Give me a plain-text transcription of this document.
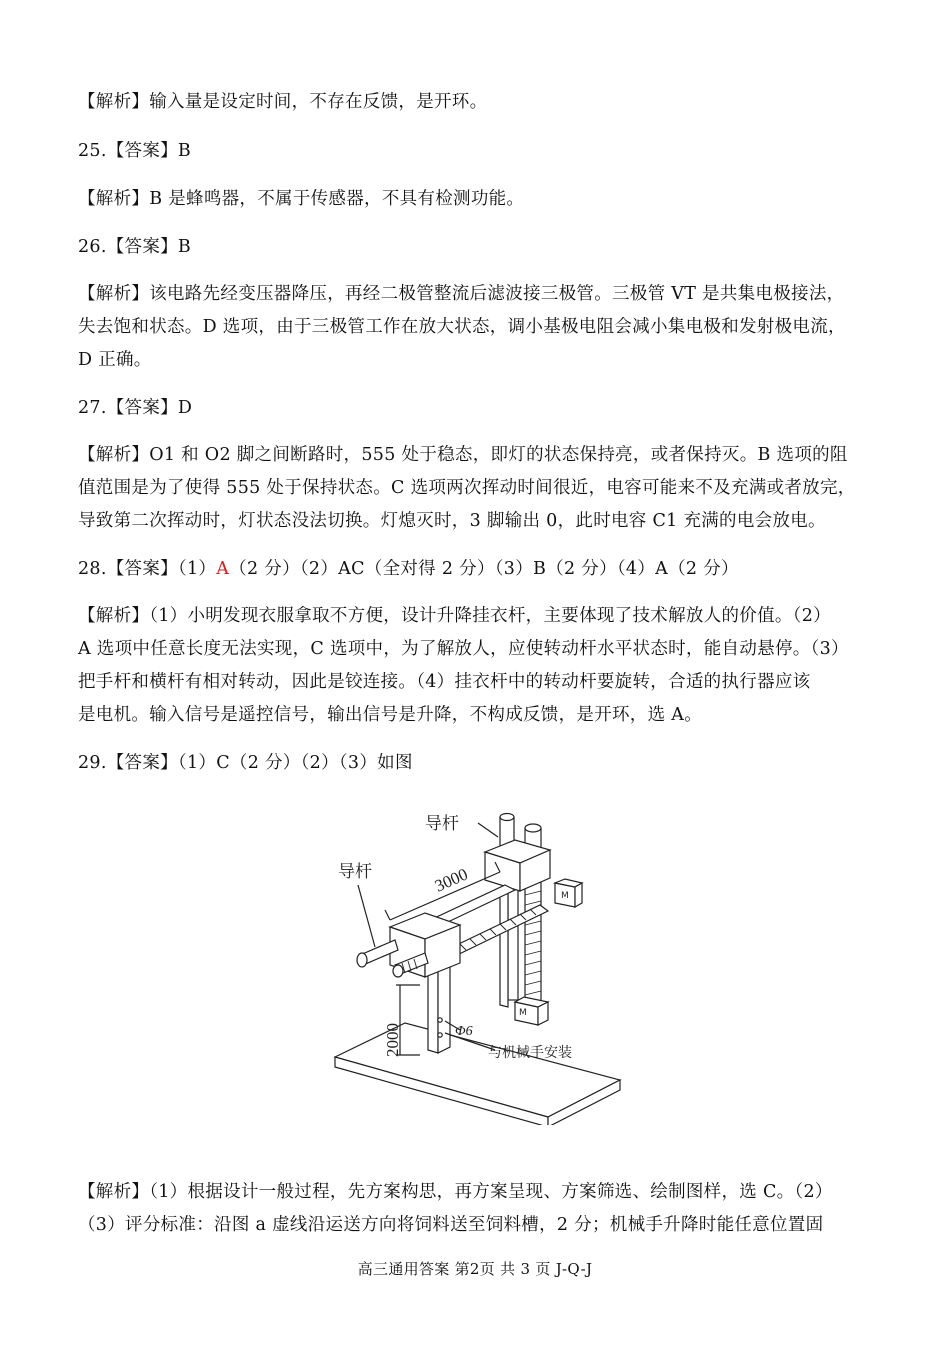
【解析】输入量是设定时间，不存在反馈，是开环。
25.【答案】B
【解析】B 是蜂鸣器，不属于传感器，不具有检测功能。
26.【答案】B
【解析】该电路先经变压器降压，再经二极管整流后滤波接三极管。三极管 VT 是共集电极接法，
失去饱和状态。D 选项，由于三极管工作在放大状态，调小基极电阻会减小集电极和发射极电流，
D 正确。
27.【答案】D
【解析】O1 和 O2 脚之间断路时，555 处于稳态，即灯的状态保持亮，或者保持灭。B 选项的阻
值范围是为了使得 555 处于保持状态。C 选项两次挥动时间很近，电容可能来不及充满或者放完，
导致第二次挥动时，灯状态没法切换。灯熄灭时，3 脚输出 0，此时电容 C1 充满的电会放电。
28.【答案】（1）A（2 分）（2）AC（全对得 2 分）（3）B（2 分）（4）A（2 分）
【解析】（1）小明发现衣服拿取不方便，设计升降挂衣杆，主要体现了技术解放人的价值。（2）
A 选项中任意长度无法实现，C 选项中，为了解放人，应使转动杆水平状态时，能自动悬停。（3）
把手杆和横杆有相对转动，因此是铰连接。（4）挂衣杆中的转动杆要旋转，合适的执行器应该
是电机。输入信号是遥控信号，输出信号是升降，不构成反馈，是开环，选 A。
29.【答案】（1）C（2 分）（2）（3）如图
导杆
导杆	3000
2000
M
M
Φ6
与机械手安装
【解析】（1）根据设计一般过程，先方案构思，再方案呈现、方案筛选、绘制图样，选 C。（2）
（3）评分标准：沿图 a 虚线沿运送方向将饲料送至饲料槽，2 分；机械手升降时能任意位置固
高三通用答案 第2页 共 3 页 J-Q-J
